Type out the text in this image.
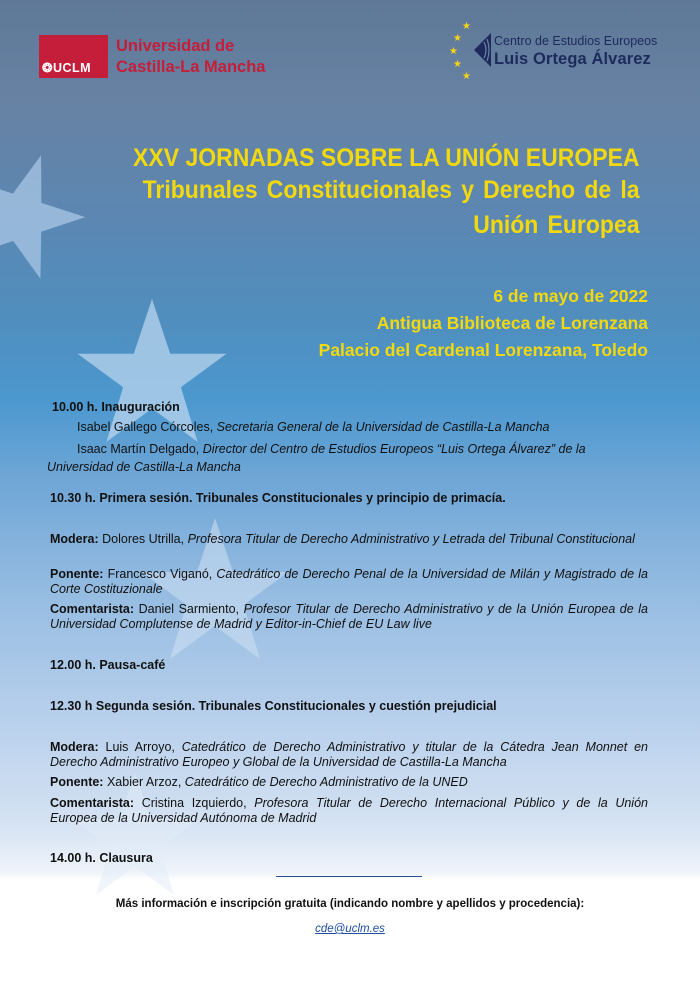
❂UCLM
Universidad de
Castilla-La Mancha
★
★
★
★
★
Centro de Estudios Europeos
Luis Ortega Álvarez
XXV JORNADAS SOBRE LA UNIÓN EUROPEA
Tribunales Constitucionales y Derecho de la
Unión Europea
6 de mayo de 2022
Antigua Biblioteca de Lorenzana
Palacio del Cardenal Lorenzana, Toledo
10.00 h. Inauguración
Isabel Gallego Córcoles, Secretaria General de la Universidad de Castilla-La Mancha
Isaac Martín Delgado, Director del Centro de Estudios Europeos “Luis Ortega Álvarez” de la Universidad de Castilla-La Mancha
10.30 h. Primera sesión. Tribunales Constitucionales y principio de primacía.
Modera: Dolores Utrilla, Profesora Titular de Derecho Administrativo y Letrada del Tribunal Constitucional
Ponente: Francesco Viganó, Catedrático de Derecho Penal de la Universidad de Milán y Magistrado de la Corte Costituzionale
Comentarista: Daniel Sarmiento, Profesor Titular de Derecho Administrativo y de la Unión Europea de la Universidad Complutense de Madrid y Editor-in-Chief de EU Law live
12.00 h. Pausa-café
12.30 h Segunda sesión. Tribunales Constitucionales y cuestión prejudicial
Modera: Luis Arroyo, Catedrático de Derecho Administrativo y titular de la Cátedra Jean Monnet en Derecho Administrativo Europeo y Global de la Universidad de Castilla-La Mancha
Ponente: Xabier Arzoz, Catedrático de Derecho Administrativo de la UNED
Comentarista: Cristina Izquierdo, Profesora Titular de Derecho Internacional Público y de la Unión Europea de la Universidad Autónoma de Madrid
14.00 h. Clausura
Más información e inscripción gratuita (indicando nombre y apellidos y procedencia):
cde@uclm.es
